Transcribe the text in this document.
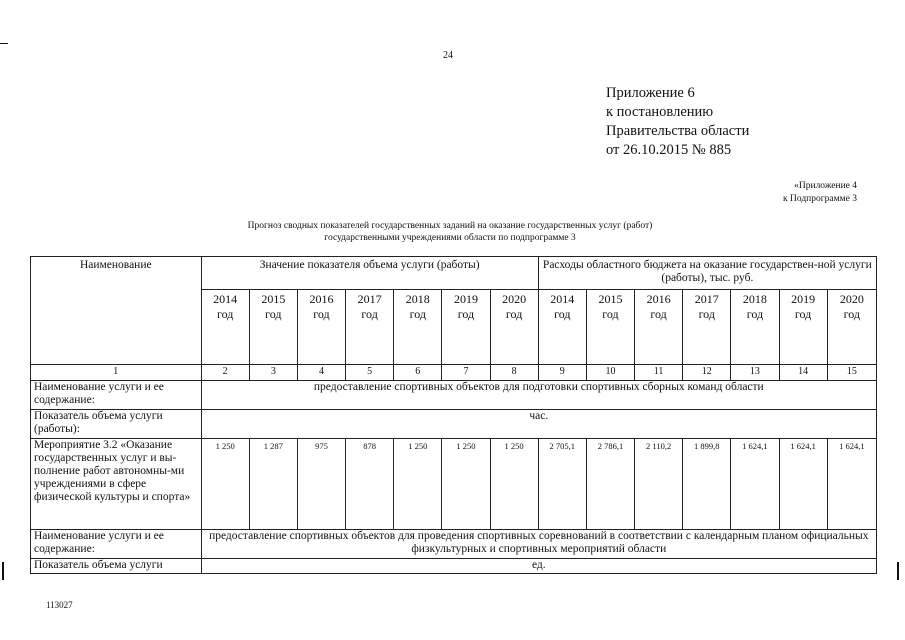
24
Приложение 6
к постановлению
Правительства области
от 26.10.2015 № 885
«Приложение 4
к Подпрограмме 3
Прогноз сводных показателей государственных заданий на оказание государственных услуг (работ)
государственными учреждениями области по подпрограмме 3
Наименование	Значение показателя объема услуги (работы)							Расходы областного бюджета на оказание государствен-ной услуги (работы), тыс. руб.						
	2014 год	2015 год	2016 год	2017 год	2018 год	2019 год	2020 год	2014 год	2015 год	2016 год	2017 год	2018 год	2019 год	2020 год
1	2	3	4	5	6	7	8	9	10	11	12	13	14	15
Наименование услуги и ее содержание:	предоставление спортивных объектов для подготовки спортивных сборных команд области													
Показатель объема услуги (работы):	час.													
Мероприятие 3.2 «Оказание государственных услуг и вы-полнение работ автономны-ми учреждениями в сфере физической культуры и спорта»	1 250	1 287	975	878	1 250	1 250	1 250	2 705,1	2 786,1	2 110,2	1 899,8	1 624,1	1 624,1	1 624,1
Наименование услуги и ее содержание:	предоставление спортивных объектов для проведения спортивных соревнований в соответствии с календарным планом официальных физкультурных и спортивных мероприятий области													
Показатель объема услуги	ед.													
113027
